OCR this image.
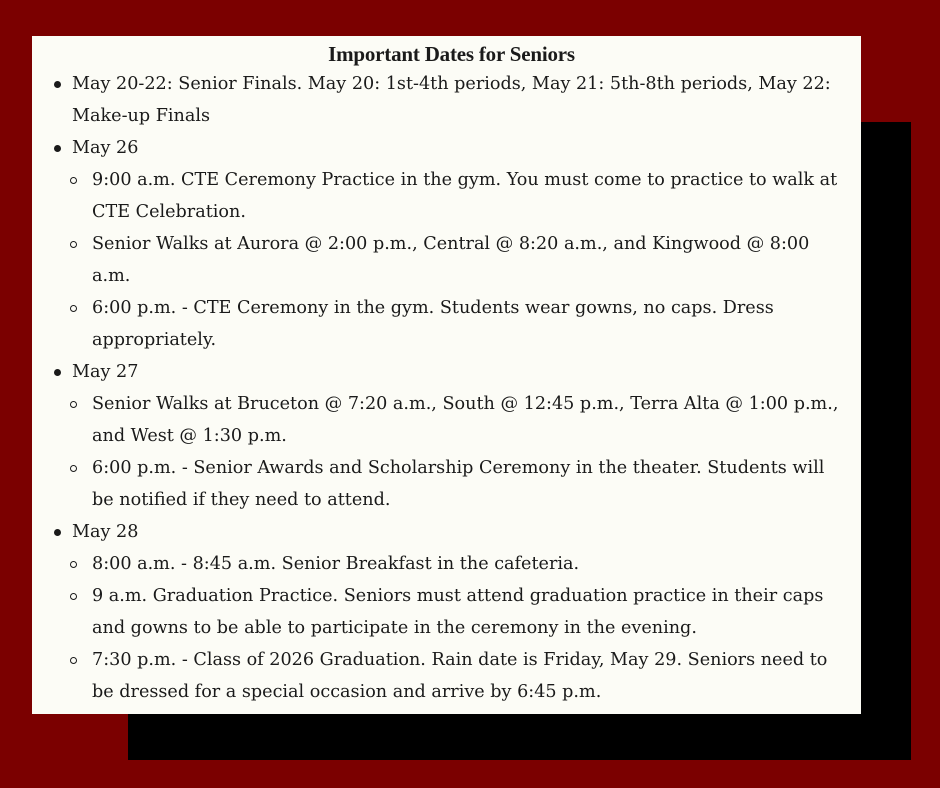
Important Dates for Seniors
May 20-22: Senior Finals. May 20: 1st-4th periods, May 21: 5th-8th periods, May 22: Make-up Finals
May 26
9:00 a.m. CTE Ceremony Practice in the gym. You must come to practice to walk at CTE Celebration.
Senior Walks at Aurora @ 2:00 p.m., Central @ 8:20 a.m., and Kingwood @ 8:00 a.m.
6:00 p.m. - CTE Ceremony in the gym. Students wear gowns, no caps. Dress appropriately.
May 27
Senior Walks at Bruceton @ 7:20 a.m., South @ 12:45 p.m., Terra Alta @ 1:00 p.m., and West @ 1:30 p.m.
6:00 p.m. - Senior Awards and Scholarship Ceremony in the theater. Students will be notified if they need to attend.
May 28
8:00 a.m. - 8:45 a.m. Senior Breakfast in the cafeteria.
9 a.m. Graduation Practice. Seniors must attend graduation practice in their caps and gowns to be able to participate in the ceremony in the evening.
7:30 p.m. - Class of 2026 Graduation. Rain date is Friday, May 29. Seniors need to be dressed for a special occasion and arrive by 6:45 p.m.
